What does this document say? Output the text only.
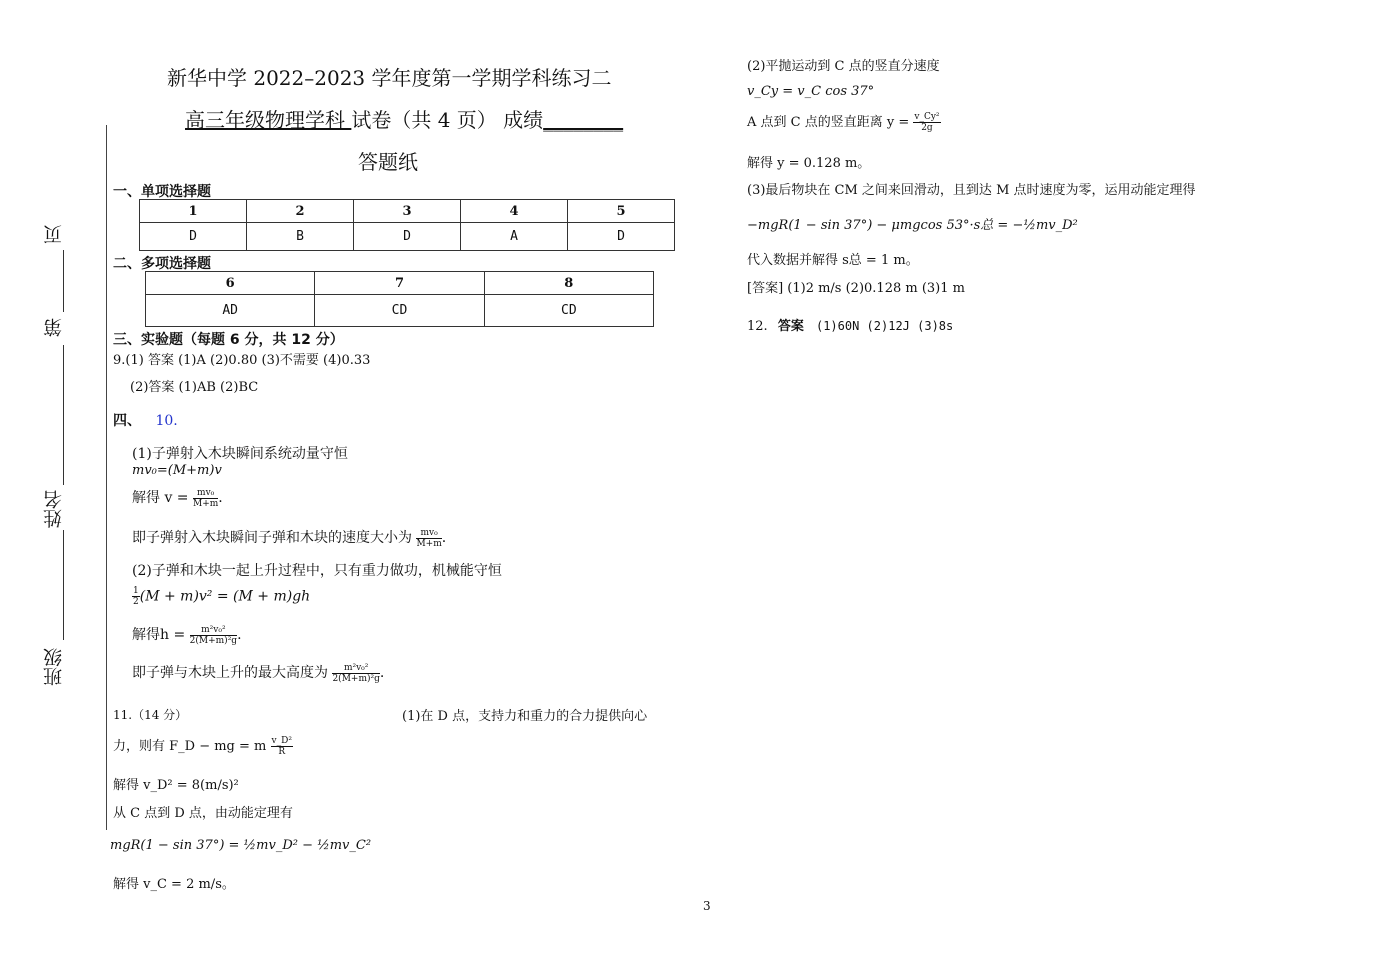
页
第
姓名
班级
新华中学 2022–2023 学年度第一学期学科练习二
高三年级物理学科 试卷（共 4 页） 成绩________
答题纸
一、单项选择题
1	2	3	4	5
D	B	D	A	D
二、多项选择题
6	7	8
AD	CD	CD
三、实验题（每题 6 分，共 12 分）
9.(1) 答案 (1)A (2)0.80 (3)不需要 (4)0.33
(2)答案 (1)AB (2)BC
四、 10.
(1)子弹射入木块瞬间系统动量守恒
mv₀=(M+m)v
解得 $v = \frac{\text{mv₀}}{M+m}$ .
即子弹射入木块瞬间子弹和木块的速度大小为 $\frac{\text{mv₀}}{M+m}$ .
(2)子弹和木块一起上升过程中，只有重力做功，机械能守恒
$\frac{1}{2} (M + m)v^2 = (M + m)gh$
解得$h = \frac{\text{m²v₀²}}{\text{2(M+m)²g}}$ .
即子弹与木块上升的最大高度为 $\frac{\text{m²v₀²}}{\text{2(M+m)²g}}$ .
11.（14 分）	(1)在 D 点，支持力和重力的合力提供向心
力，则有 F_D − mg = m $\frac{\text{v\_D²}}{R}$
解得 v_D² = 8(m/s)²
从 C 点到 D 点，由动能定理有
mgR(1 − sin 37°) = ½mv_D² − ½mv_C²
解得 v_C = 2 m/s。
(2)平抛运动到 C 点的竖直分速度
v_Cy = v_C cos 37°
A 点到 C 点的竖直距离 $y = \frac{\text{v\_Cy²}}{2g}$
解得 y = 0.128 m。
(3)最后物块在 CM 之间来回滑动，且到达 M 点时速度为零，运用动能定理得
−mgR(1 − sin 37°) − μmgcos 53°·s总 = −½mv_D²
代入数据并解得 s总 = 1 m。
[答案] (1)2 m/s (2)0.128 m (3)1 m
12. 答案 (1)60N (2)12J (3)8s
3
